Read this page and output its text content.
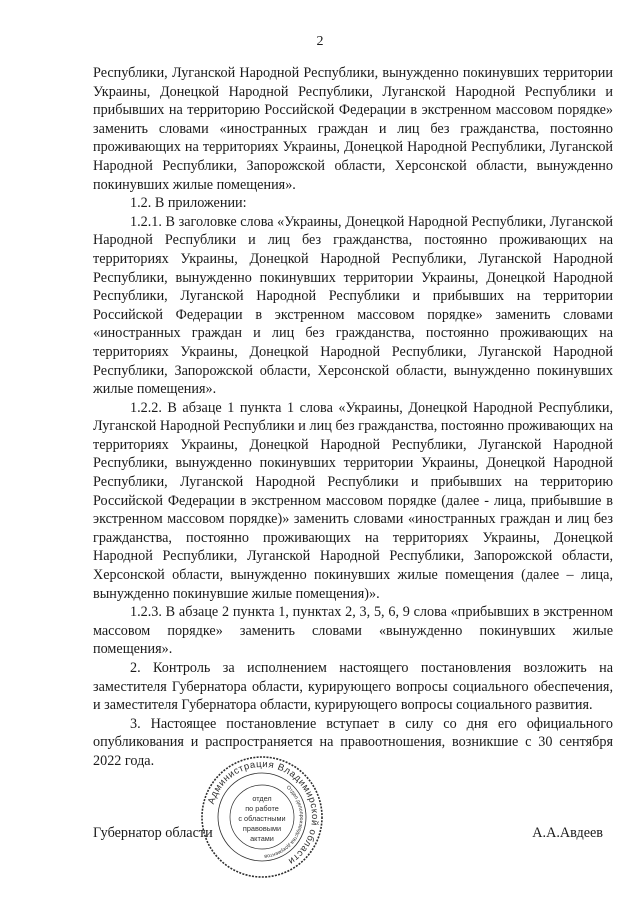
2

Республики, Луганской Народной Республики, вынужденно покинувших территории Украины, Донецкой Народной Республики, Луганской Народной Республики и прибывших на территорию Российской Федерации в экстренном массовом порядке» заменить словами «иностранных граждан и лиц без гражданства, постоянно проживающих на территориях Украины, Донецкой Народной Республики, Луганской Народной Республики, Запорожской области, Херсонской области, вынужденно покинувших жилые помещения».

1.2. В приложении:

1.2.1. В заголовке слова «Украины, Донецкой Народной Республики, Луганской Народной Республики и лиц без гражданства, постоянно проживающих на территориях Украины, Донецкой Народной Республики, Луганской Народной Республики, вынужденно покинувших территории Украины, Донецкой Народной Республики, Луганской Народной Республики и прибывших на территории Российской Федерации в экстренном массовом порядке» заменить словами «иностранных граждан и лиц без гражданства, постоянно проживающих на территориях Украины, Донецкой Народной Республики, Луганской Народной Республики, Запорожской области, Херсонской области, вынужденно покинувших жилые помещения».

1.2.2. В абзаце 1 пункта 1 слова «Украины, Донецкой Народной Республики, Луганской Народной Республики и лиц без гражданства, постоянно проживающих на территориях Украины, Донецкой Народной Республики, Луганской Народной Республики, вынужденно покинувших территории Украины, Донецкой Народной Республики, Луганской Народной Республики и прибывших на территорию Российской Федерации в экстренном массовом порядке (далее - лица, прибывшие в экстренном массовом порядке)» заменить словами «иностранных граждан и лиц без гражданства, постоянно проживающих на территориях Украины, Донецкой Народной Республики, Луганской Народной Республики, Запорожской области, Херсонской области, вынужденно покинувших жилые помещения (далее – лица, вынужденно покинувшие жилые помещения)».

1.2.3. В абзаце 2 пункта 1, пунктах 2, 3, 5, 6, 9 слова «прибывших в экстренном массовом порядке» заменить словами «вынужденно покинувших жилые помещения».

2. Контроль за исполнением настоящего постановления возложить на заместителя Губернатора области, курирующего вопросы социального обеспечения, и заместителя Губернатора области, курирующего вопросы социального развития.

3. Настоящее постановление вступает в силу со дня его официального опубликования и распространяется на правоотношения, возникшие с 30 сентября 2022 года.

Губернатор области	А.А.Авдеев
Администрация Владимирской области
Отдел делопроизводства документов
отдел
по работе
с областными
правовыми
актами
